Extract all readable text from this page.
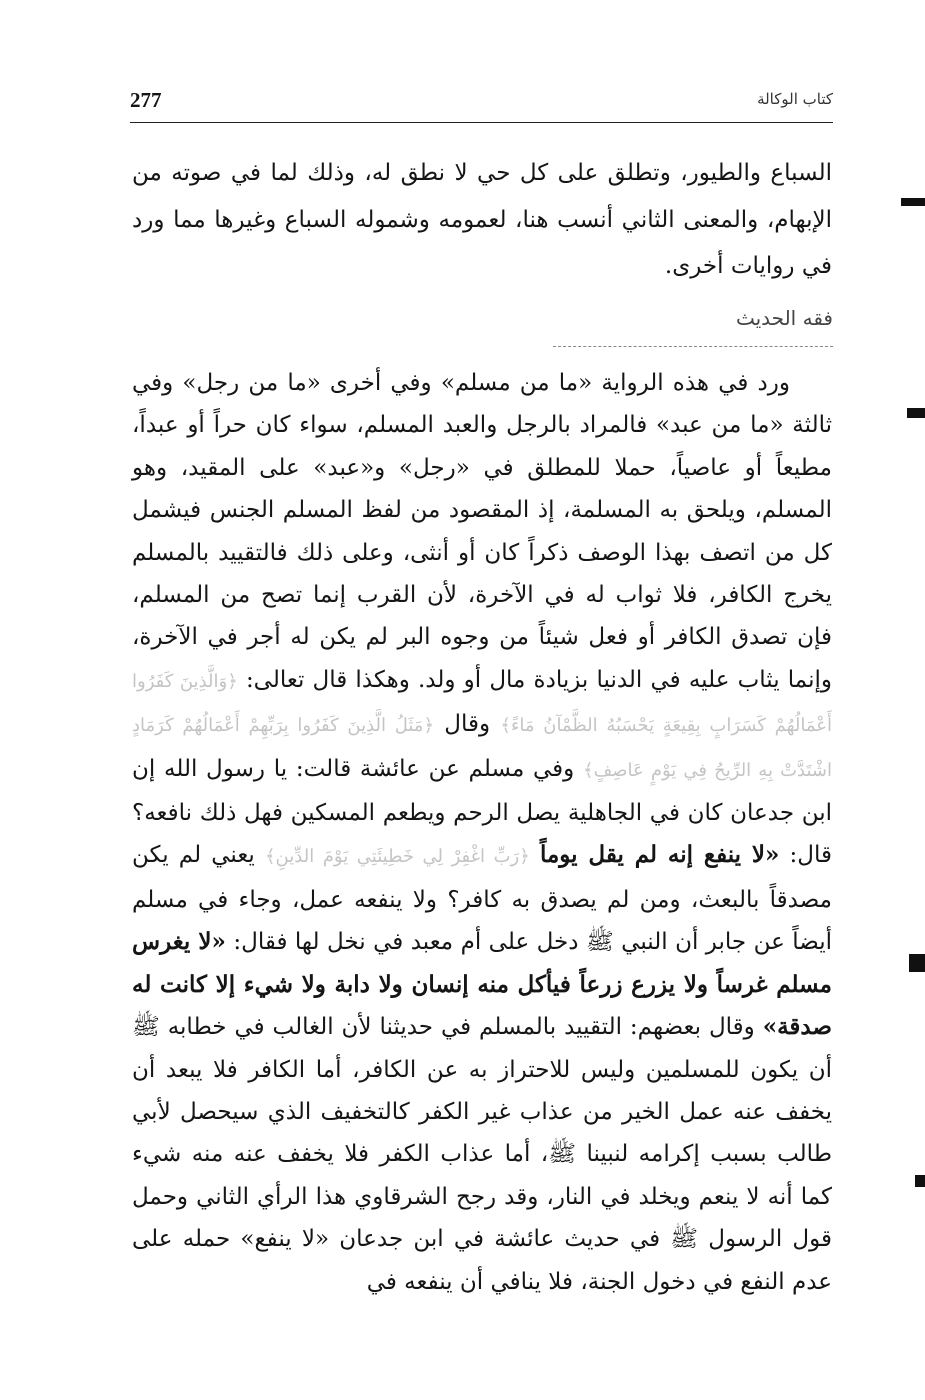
277	كتاب الوكالة
السباع والطيور، وتطلق على كل حي لا نطق له، وذلك لما في صوته من الإبهام، والمعنى الثاني أنسب هنا، لعمومه وشموله السباع وغيرها مما ورد في روايات أخرى.
فقه الحديث

ورد في هذه الرواية «ما من مسلم» وفي أخرى «ما من رجل» وفي ثالثة «ما من عبد» فالمراد بالرجل والعبد المسلم، سواء كان حراً أو عبداً، مطيعاً أو عاصياً، حملا للمطلق في «رجل» و«عبد» على المقيد، وهو المسلم، ويلحق به المسلمة، إذ المقصود من لفظ المسلم الجنس فيشمل كل من اتصف بهذا الوصف ذكراً كان أو أنثى، وعلى ذلك فالتقييد بالمسلم يخرج الكافر، فلا ثواب له في الآخرة، لأن القرب إنما تصح من المسلم، فإن تصدق الكافر أو فعل شيئاً من وجوه البر لم يكن له أجر في الآخرة، وإنما يثاب عليه في الدنيا بزيادة مال أو ولد. وهكذا قال تعالى: ﴿وَالَّذِينَ كَفَرُوا أَعْمَالُهُمْ كَسَرَابٍ بِقِيعَةٍ يَحْسَبُهُ الظَّمْآنُ مَاءً﴾ وقال ﴿مَثَلُ الَّذِينَ كَفَرُوا بِرَبِّهِمْ أَعْمَالُهُمْ كَرَمَادٍ اشْتَدَّتْ بِهِ الرِّيحُ فِي يَوْمٍ عَاصِفٍ﴾ وفي مسلم عن عائشة قالت: يا رسول الله إن ابن جدعان كان في الجاهلية يصل الرحم ويطعم المسكين فهل ذلك نافعه؟ قال: «لا ينفع إنه لم يقل يوماً ﴿رَبِّ اغْفِرْ لِي خَطِيئَتِي يَوْمَ الدِّينِ﴾ يعني لم يكن مصدقاً بالبعث، ومن لم يصدق به كافر؟ ولا ينفعه عمل، وجاء في مسلم أيضاً عن جابر أن النبي ﷺ دخل على أم معبد في نخل لها فقال: «لا يغرس مسلم غرساً ولا يزرع زرعاً فيأكل منه إنسان ولا دابة ولا شيء إلا كانت له صدقة» وقال بعضهم: التقييد بالمسلم في حديثنا لأن الغالب في خطابه ﷺ أن يكون للمسلمين وليس للاحتراز به عن الكافر، أما الكافر فلا يبعد أن يخفف عنه عمل الخير من عذاب غير الكفر كالتخفيف الذي سيحصل لأبي طالب بسبب إكرامه لنبينا ﷺ، أما عذاب الكفر فلا يخفف عنه منه شيء كما أنه لا ينعم ويخلد في النار، وقد رجح الشرقاوي هذا الرأي الثاني وحمل قول الرسول ﷺ في حديث عائشة في ابن جدعان «لا ينفع» حمله على عدم النفع في دخول الجنة، فلا ينافي أن ينفعه في
